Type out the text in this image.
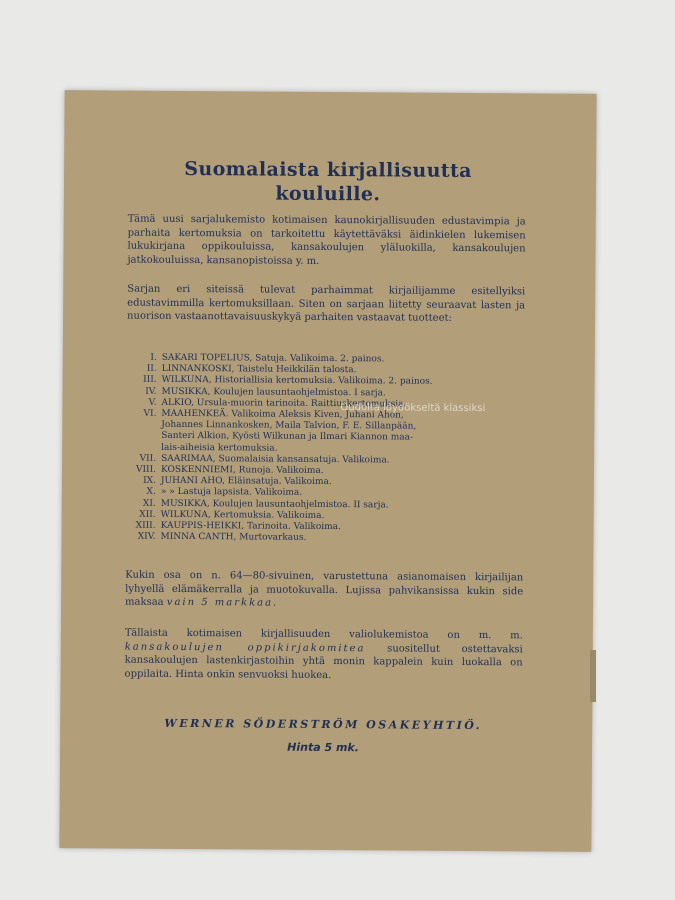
Suomalaista kirjallisuutta
kouluille.
Tämä uusi sarjalukemisto kotimaisen kaunokirjallisuuden edustavimpia ja parhaita kertomuksia on tarkoitettu käytettäväksi äidinkielen lukemisen lukukirjana oppikouluissa, kansakoulujen yläluokilla, kansakoulujen jatkokouluissa, kansanopistoissa y. m.
Sarjan eri siteissä tulevat parhaimmat kirjailijamme esitellyiksi edustavimmilla kertomuksillaan. Siten on sarjaan liitetty seuraavat lasten ja nuorison vastaanottavaisuuskykyä parhaiten vastaavat tuotteet:
I. SAKARI TOPELIUS, Satuja. Valikoima. 2. painos.
II. LINNANKOSKI, Taistelu Heikkilän talosta.
III. WILKUNA, Historiallisia kertomuksia. Valikoima. 2. painos.
IV. MUSIKKA, Koulujen lausuntaohjelmistoa. I sarja.
V. ALKIO, Ursula-muorin tarinoita. Raittiuskertomuksia.
VI. MAAHENKEÄ. Valikoima Aleksis Kiven, Juhani Ahon,
Johannes Linnankosken, Maila Talvion, F. E. Sillanpään,
Santeri Alkion, Kyösti Wilkunan ja Ilmari Kiannon maa-
lais-aiheisia kertomuksia.
VII. SAARIMAA, Suomalaisia kansansatuja. Valikoima.
VIII. KOSKENNIEMI, Runoja. Valikoima.
IX. JUHANI AHO, Eläinsatuja. Valikoima.
X. » » Lastuja lapsista. Valikoima.
XI. MUSIKKA, Koulujen lausuntaohjelmistoa. II sarja.
XII. WILKUNA, Kertomuksia. Valikoima.
XIII. KAUPPIS-HEIKKI, Tarinoita. Valikoima.
XIV. MINNA CANTH, Murtovarkaus.
Kukin osa on n. 64—80-sivuinen, varustettuna asianomaisen kirjailijan lyhyellä elämäkerralla ja muotokuvalla. Lujissa pahvikansissa kukin side maksaa vain 5 markkaa.
Tällaista kotimaisen kirjallisuuden valiolukemistoa on m. m. kansakoulujen oppikirjakomitea suositellut ostettavaksi kansakoulujen lastenkirjastoihin yhtä monin kappalein kuin luokalla on oppilaita. Hinta onkin senvuoksi huokea.
WERNER SÖDERSTRÖM OSAKEYHTIÖ.
Hinta 5 mk.
Oudolta löydökseltä klassiksi
